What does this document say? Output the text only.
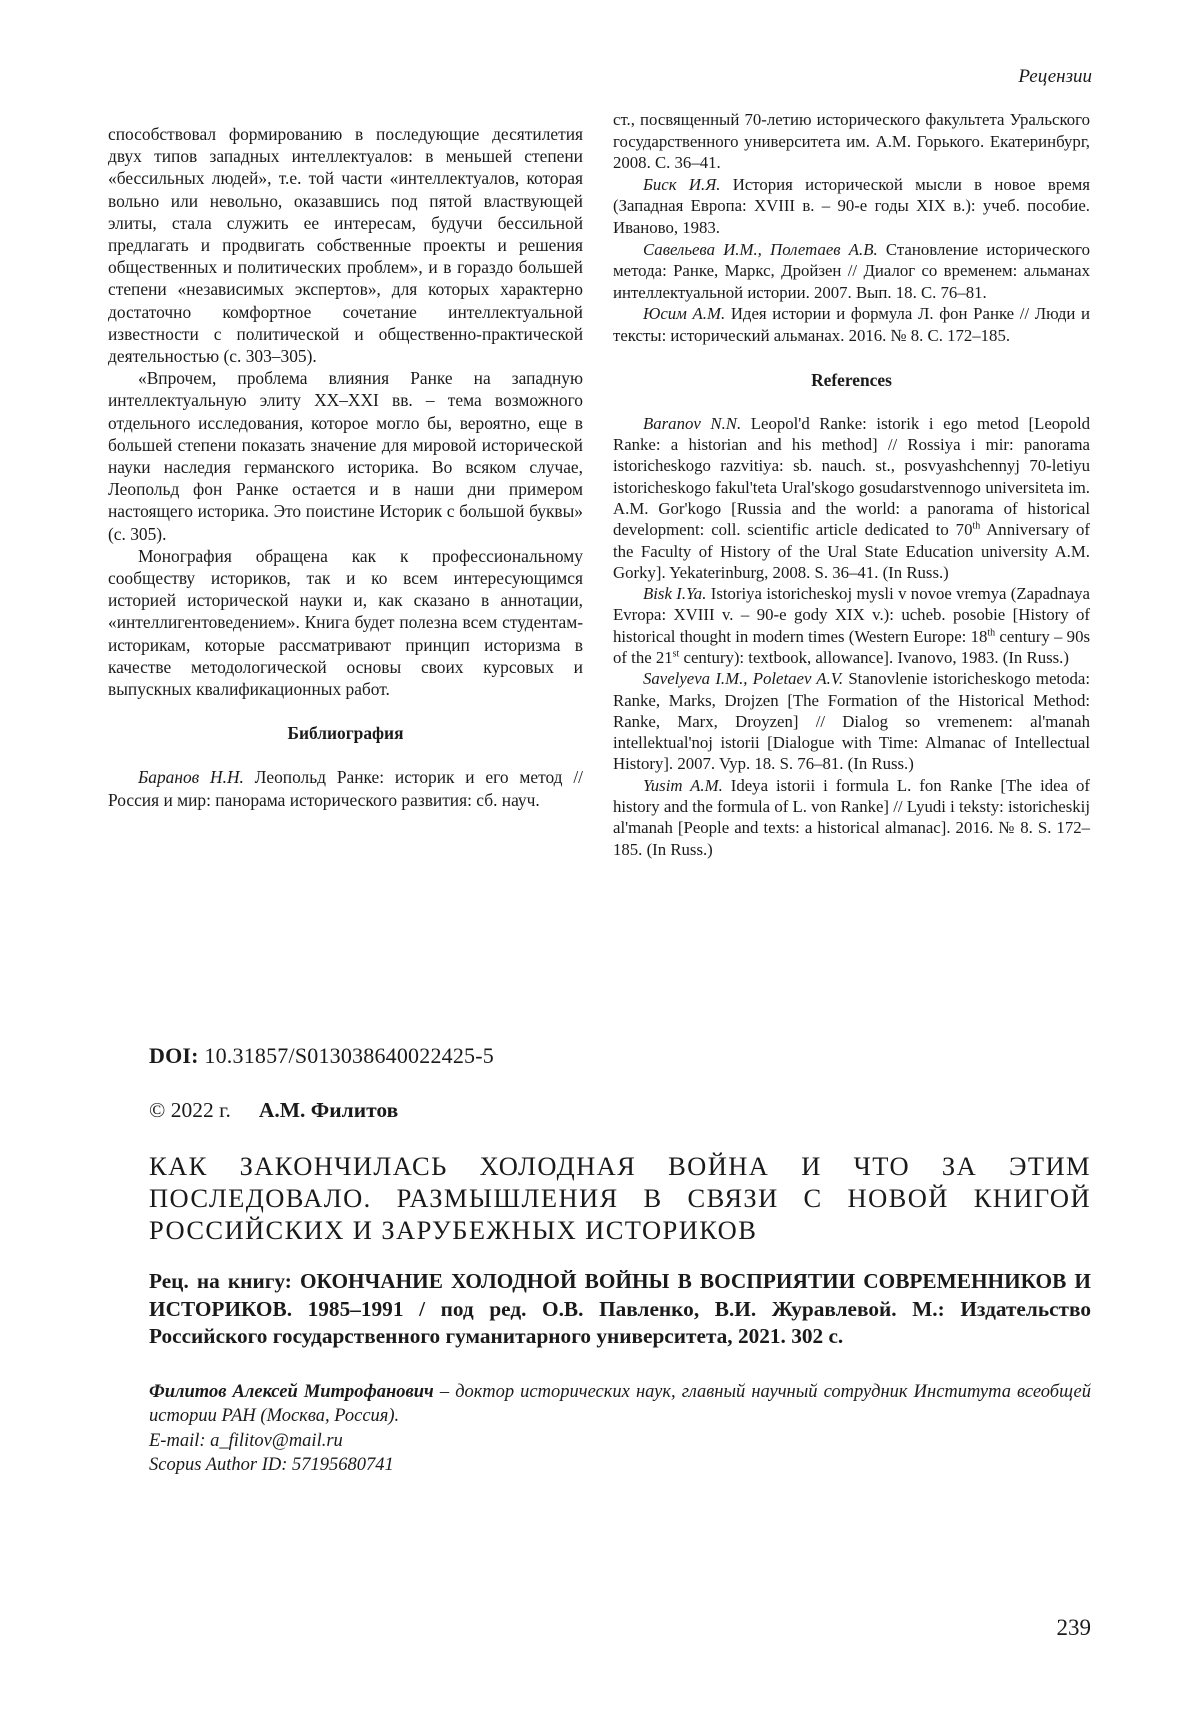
Рецензии

способствовал формированию в последующие десятилетия двух типов западных интеллектуалов: в меньшей степени «бессильных людей», т.е. той части «интеллектуалов, которая вольно или невольно, оказавшись под пятой властвующей элиты, стала служить ее интересам, будучи бессильной предлагать и продвигать собственные проекты и решения общественных и политических проблем», и в гораздо большей степени «независимых экспертов», для которых характерно достаточно комфортное сочетание интеллектуальной известности с политической и общественно-практической деятельностью (с. 303–305).

«Впрочем, проблема влияния Ранке на западную интеллектуальную элиту XX–XXI вв. – тема возможного отдельного исследования, которое могло бы, вероятно, еще в большей степени показать значение для мировой исторической науки наследия германского историка. Во всяком случае, Леопольд фон Ранке остается и в наши дни примером настоящего историка. Это поистине Историк с большой буквы» (с. 305).

Монография обращена как к профессиональному сообществу историков, так и ко всем интересующимся историей исторической науки и, как сказано в аннотации, «интеллигентоведением». Книга будет полезна всем студентам-историкам, которые рассматривают принцип историзма в качестве методологической основы своих курсовых и выпускных квалификационных работ.

Библиография

Баранов Н.Н. Леопольд Ранке: историк и его метод // Россия и мир: панорама исторического развития: сб. науч.

ст., посвященный 70-летию исторического факультета Уральского государственного университета им. А.М. Горького. Екатеринбург, 2008. С. 36–41.

Биск И.Я. История исторической мысли в новое время (Западная Европа: XVIII в. – 90-е годы XIX в.): учеб. пособие. Иваново, 1983.

Савельева И.М., Полетаев А.В. Становление исторического метода: Ранке, Маркс, Дройзен // Диалог со временем: альманах интеллектуальной истории. 2007. Вып. 18. С. 76–81.

Юсим А.М. Идея истории и формула Л. фон Ранке // Люди и тексты: исторический альманах. 2016. № 8. С. 172–185.

References

Baranov N.N. Leopol'd Ranke: istorik i ego metod [Leopold Ranke: a historian and his method] // Rossiya i mir: panorama istoricheskogo razvitiya: sb. nauch. st., posvyashchennyj 70-letiyu istoricheskogo fakul'teta Ural'skogo gosudarstvennogo universiteta im. A.M. Gor'kogo [Russia and the world: a panorama of historical development: coll. scientific article dedicated to 70th Anniversary of the Faculty of History of the Ural State Education university A.M. Gorky]. Yekaterinburg, 2008. S. 36–41. (In Russ.)

Bisk I.Ya. Istoriya istoricheskoj mysli v novoe vremya (Zapadnaya Evropa: XVIII v. – 90-e gody XIX v.): ucheb. posobie [History of historical thought in modern times (Western Europe: 18th century – 90s of the 21st century): textbook, allowance]. Ivanovo, 1983. (In Russ.)

Savelyeva I.M., Poletaev A.V. Stanovlenie istoricheskogo metoda: Ranke, Marks, Drojzen [The Formation of the Historical Method: Ranke, Marx, Droyzen] // Dialog so vremenem: al'manah intellektual'noj istorii [Dialogue with Time: Almanac of Intellectual History]. 2007. Vyp. 18. S. 76–81. (In Russ.)

Yusim A.M. Ideya istorii i formula L. fon Ranke [The idea of history and the formula of L. von Ranke] // Lyudi i teksty: istoricheskij al'manah [People and texts: a historical almanac]. 2016. № 8. S. 172–185. (In Russ.)

DOI: 10.31857/S013038640022425-5
© 2022 г. А.М. Филитов
КАК ЗАКОНЧИЛАСЬ ХОЛОДНАЯ ВОЙНА И ЧТО ЗА ЭТИМ ПОСЛЕДОВАЛО. РАЗМЫШЛЕНИЯ В СВЯЗИ С НОВОЙ КНИГОЙ РОССИЙСКИХ И ЗАРУБЕЖНЫХ ИСТОРИКОВ
Рец. на книгу: ОКОНЧАНИЕ ХОЛОДНОЙ ВОЙНЫ В ВОСПРИЯТИИ СОВРЕМЕННИКОВ И ИСТОРИКОВ. 1985–1991 / под ред. О.В. Павленко, В.И. Журавлевой. М.: Издательство Российского государственного гуманитарного университета, 2021. 302 с.
Филитов Алексей Митрофанович – доктор исторических наук, главный научный сотрудник Института всеобщей истории РАН (Москва, Россия).
E-mail: a_filitov@mail.ru
Scopus Author ID: 57195680741
239
